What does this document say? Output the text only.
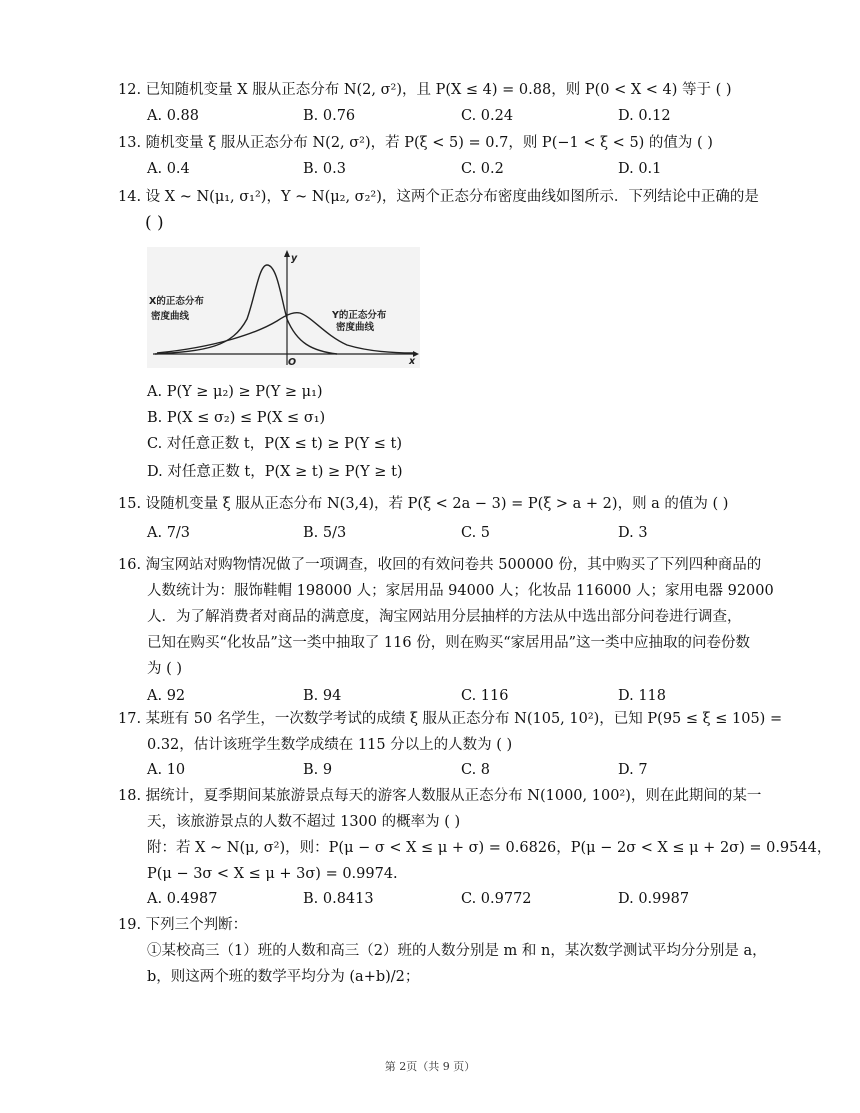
12. 已知随机变量 X 服从正态分布 N(2, σ²)，且 P(X ≤ 4) = 0.88，则 P(0 < X < 4) 等于 ( )
A. 0.88	B. 0.76	C. 0.24	D. 0.12
13. 随机变量 ξ 服从正态分布 N(2, σ²)，若 P(ξ < 5) = 0.7，则 P(−1 < ξ < 5) 的值为 ( )
A. 0.4	B. 0.3	C. 0.2	D. 0.1
14. 设 X ~ N(μ₁, σ₁²)，Y ~ N(μ₂, σ₂²)，这两个正态分布密度曲线如图所示．下列结论中正确的是
( )
X的正态分布
密度曲线	Y的正态分布
密度曲线
y
x
O
A. P(Y ≥ μ₂) ≥ P(Y ≥ μ₁)
B. P(X ≤ σ₂) ≤ P(X ≤ σ₁)
C. 对任意正数 t，P(X ≤ t) ≥ P(Y ≤ t)
D. 对任意正数 t，P(X ≥ t) ≥ P(Y ≥ t)
15. 设随机变量 ξ 服从正态分布 N(3,4)，若 P(ξ < 2a − 3) = P(ξ > a + 2)，则 a 的值为 ( )
A. 7/3	B. 5/3	C. 5	D. 3
16. 淘宝网站对购物情况做了一项调查，收回的有效问卷共 500000 份，其中购买了下列四种商品的
人数统计为：服饰鞋帽 198000 人；家居用品 94000 人；化妆品 116000 人；家用电器 92000
人．为了解消费者对商品的满意度，淘宝网站用分层抽样的方法从中选出部分问卷进行调查，
已知在购买“化妆品”这一类中抽取了 116 份，则在购买“家居用品”这一类中应抽取的问卷份数
为 ( )
A. 92	B. 94	C. 116	D. 118
17. 某班有 50 名学生，一次数学考试的成绩 ξ 服从正态分布 N(105, 10²)，已知 P(95 ≤ ξ ≤ 105) =
0.32，估计该班学生数学成绩在 115 分以上的人数为 ( )
A. 10	B. 9	C. 8	D. 7
18. 据统计，夏季期间某旅游景点每天的游客人数服从正态分布 N(1000, 100²)，则在此期间的某一
天，该旅游景点的人数不超过 1300 的概率为 ( )
附：若 X ~ N(μ, σ²)，则：P(μ − σ < X ≤ μ + σ) = 0.6826，P(μ − 2σ < X ≤ μ + 2σ) = 0.9544，
P(μ − 3σ < X ≤ μ + 3σ) = 0.9974.
A. 0.4987	B. 0.8413	C. 0.9772	D. 0.9987
19. 下列三个判断：
①某校高三（1）班的人数和高三（2）班的人数分别是 m 和 n，某次数学测试平均分分别是 a，
b，则这两个班的数学平均分为 (a+b)/2；
第 2页（共 9 页）
